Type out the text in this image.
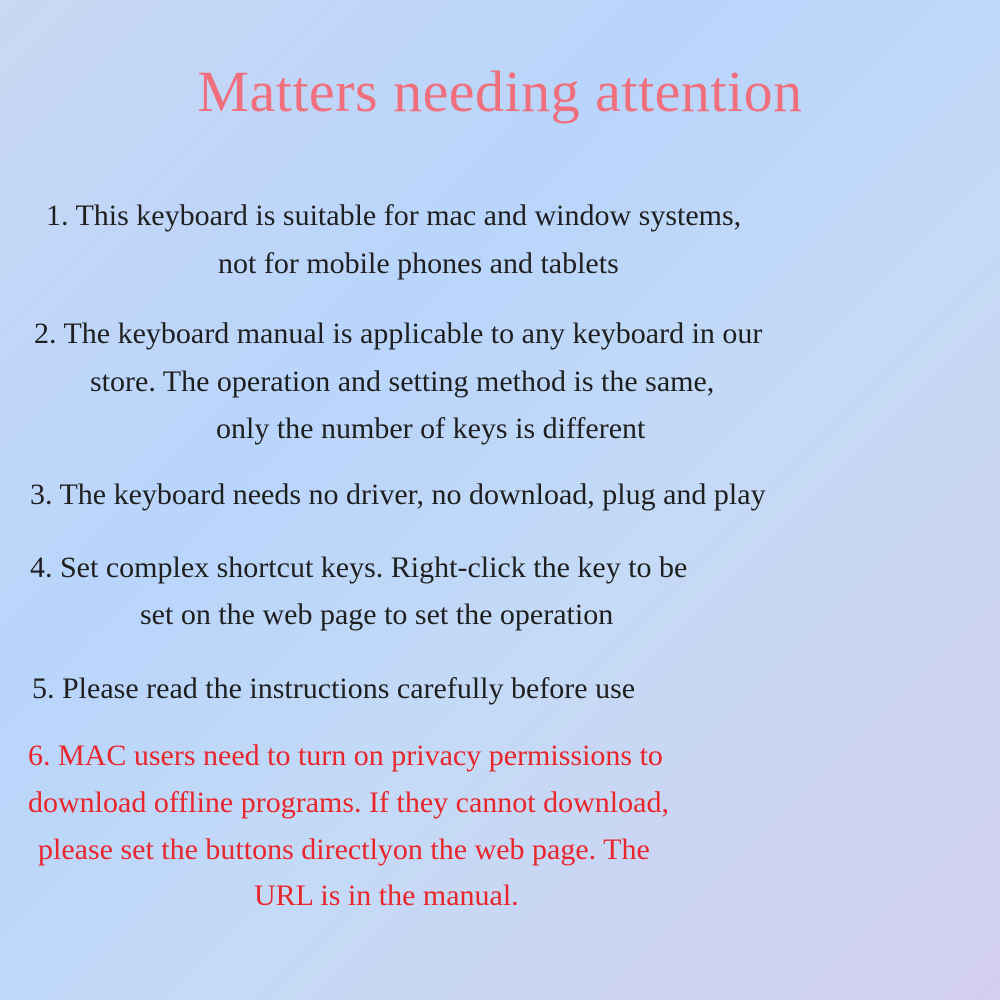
Matters needing attention
1. This keyboard is suitable for mac and window systems,
not for mobile phones and tablets
2. The keyboard manual is applicable to any keyboard in our
store. The operation and setting method is the same,
only the number of keys is different
3. The keyboard needs no driver, no download, plug and play
4. Set complex shortcut keys. Right-click the key to be
set on the web page to set the operation
5. Please read the instructions carefully before use
6. MAC users need to turn on privacy permissions to
download offline programs. If they cannot download,
please set the buttons directlyon the web page. The
URL is in the manual.
